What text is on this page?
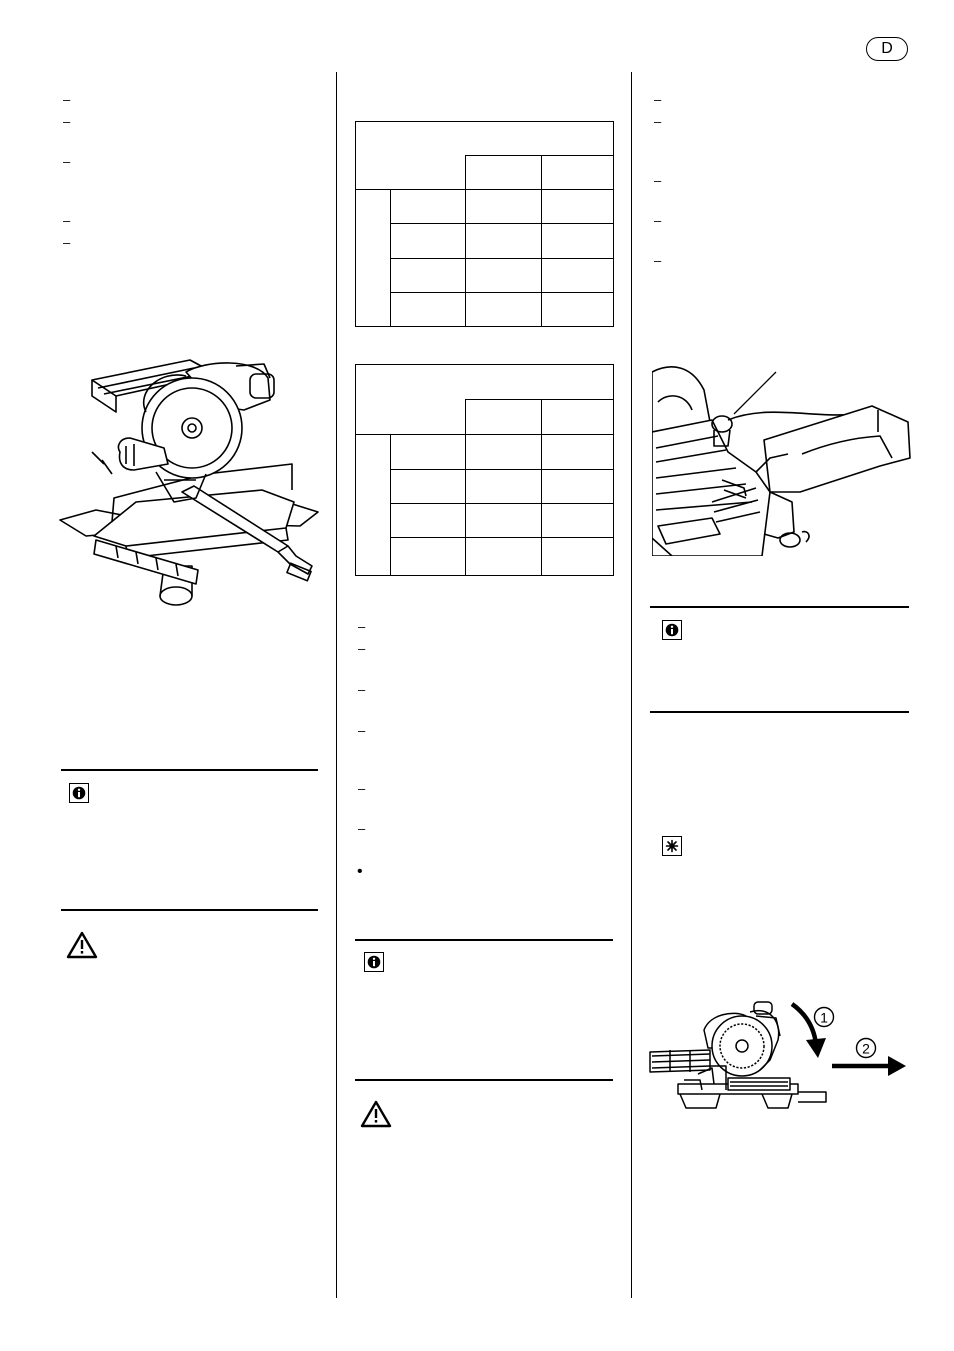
D
–
–
–
–
–

–
–
–
–
–
–
•
–
–
–
–
–
1
2
